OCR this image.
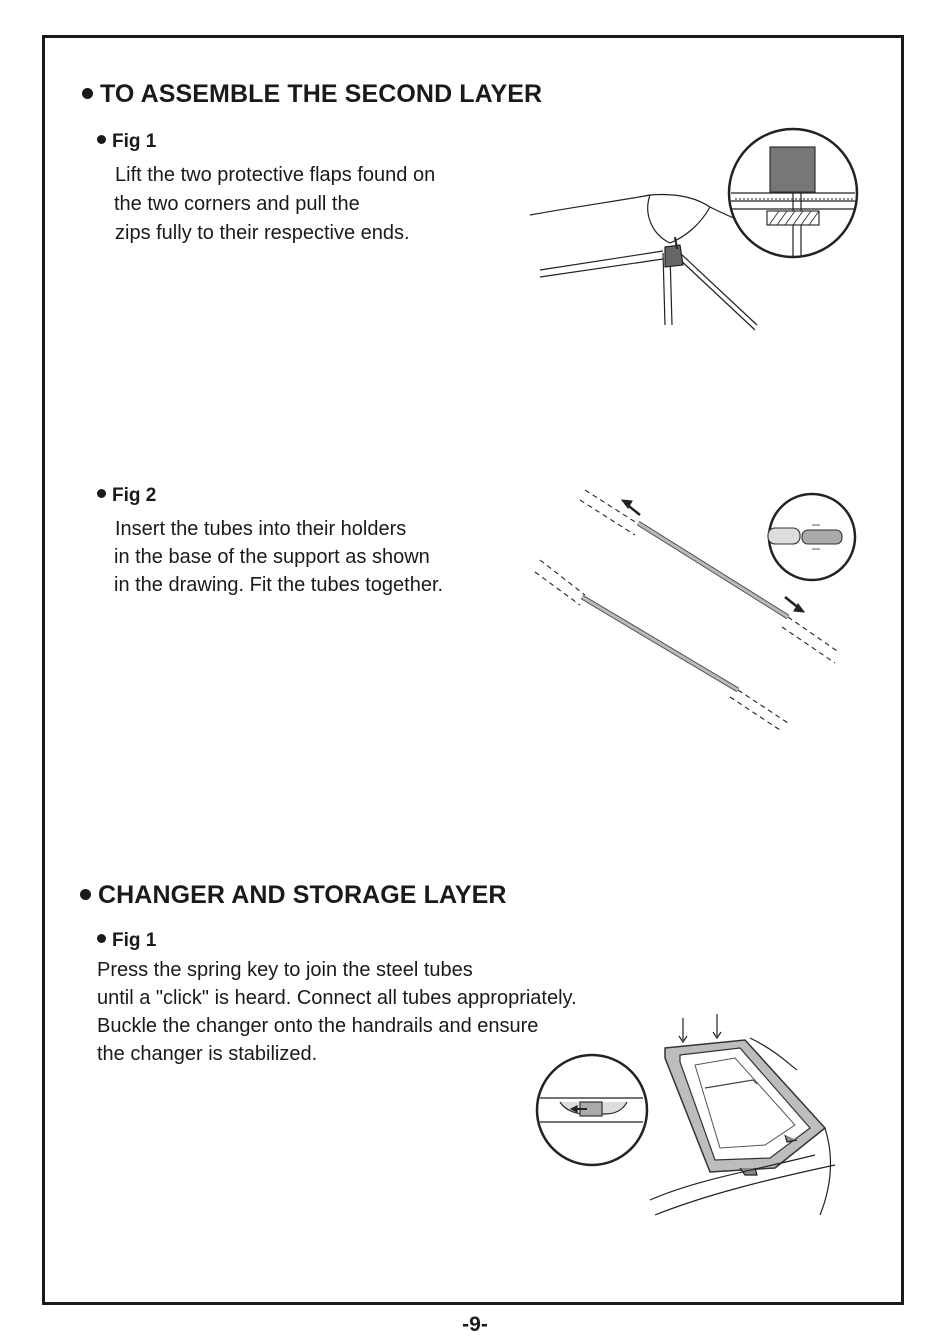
TO ASSEMBLE THE SECOND LAYER
Fig 1
Lift the two protective flaps found on
the two corners and pull the
zips fully to their respective ends.
Fig 2
Insert the tubes into their holders
in the base of the support as shown
in the drawing. Fit the tubes together.
CHANGER AND STORAGE LAYER
Fig 1
Press the spring key to join the steel tubes
until a "click" is heard. Connect all tubes appropriately.
Buckle the changer onto the handrails and ensure
the changer is stabilized.
-9-
